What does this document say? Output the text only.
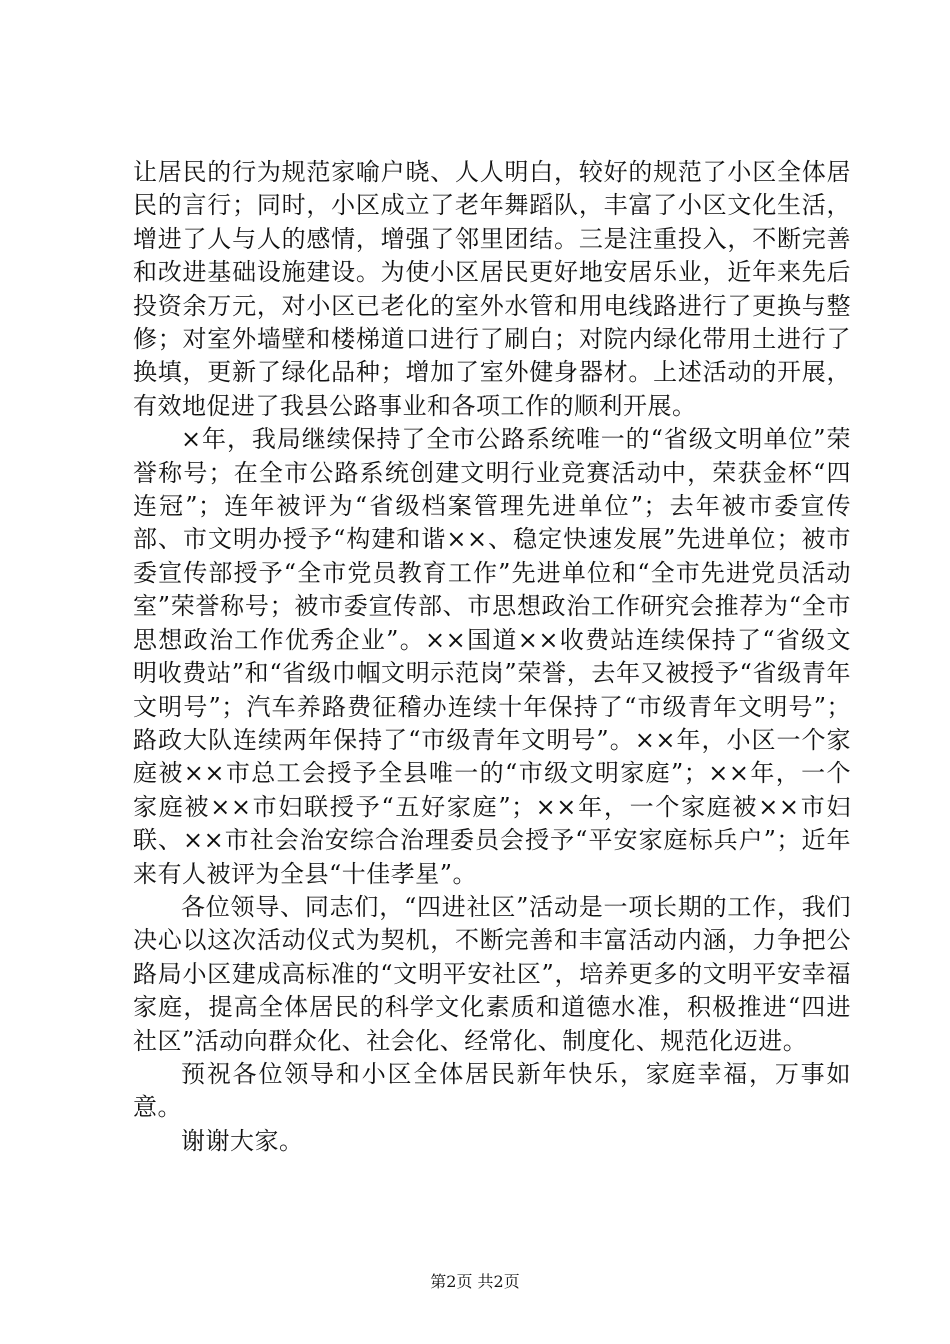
让居民的行为规范家喻户晓、人人明白，较好的规范了小区全体居民的言行；同时，小区成立了老年舞蹈队，丰富了小区文化生活，增进了人与人的感情，增强了邻里团结。三是注重投入，不断完善和改进基础设施建设。为使小区居民更好地安居乐业，近年来先后投资余万元，对小区已老化的室外水管和用电线路进行了更换与整修；对室外墙壁和楼梯道口进行了刷白；对院内绿化带用土进行了换填，更新了绿化品种；增加了室外健身器材。上述活动的开展，有效地促进了我县公路事业和各项工作的顺利开展。

×年，我局继续保持了全市公路系统唯一的“省级文明单位”荣誉称号；在全市公路系统创建文明行业竞赛活动中，荣获金杯“四连冠”；连年被评为“省级档案管理先进单位”；去年被市委宣传部、市文明办授予“构建和谐××、稳定快速发展”先进单位；被市委宣传部授予“全市党员教育工作”先进单位和“全市先进党员活动室”荣誉称号；被市委宣传部、市思想政治工作研究会推荐为“全市思想政治工作优秀企业”。××国道××收费站连续保持了“省级文明收费站”和“省级巾帼文明示范岗”荣誉，去年又被授予“省级青年文明号”；汽车养路费征稽办连续十年保持了“市级青年文明号”；路政大队连续两年保持了“市级青年文明号”。××年，小区一个家庭被××市总工会授予全县唯一的“市级文明家庭”；××年，一个家庭被××市妇联授予“五好家庭”；××年，一个家庭被××市妇联、××市社会治安综合治理委员会授予“平安家庭标兵户”；近年来有人被评为全县“十佳孝星”。

各位领导、同志们，“四进社区”活动是一项长期的工作，我们决心以这次活动仪式为契机，不断完善和丰富活动内涵，力争把公路局小区建成高标准的“文明平安社区”，培养更多的文明平安幸福家庭，提高全体居民的科学文化素质和道德水准，积极推进“四进社区”活动向群众化、社会化、经常化、制度化、规范化迈进。

预祝各位领导和小区全体居民新年快乐，家庭幸福，万事如意。

谢谢大家。

第2页 共2页
